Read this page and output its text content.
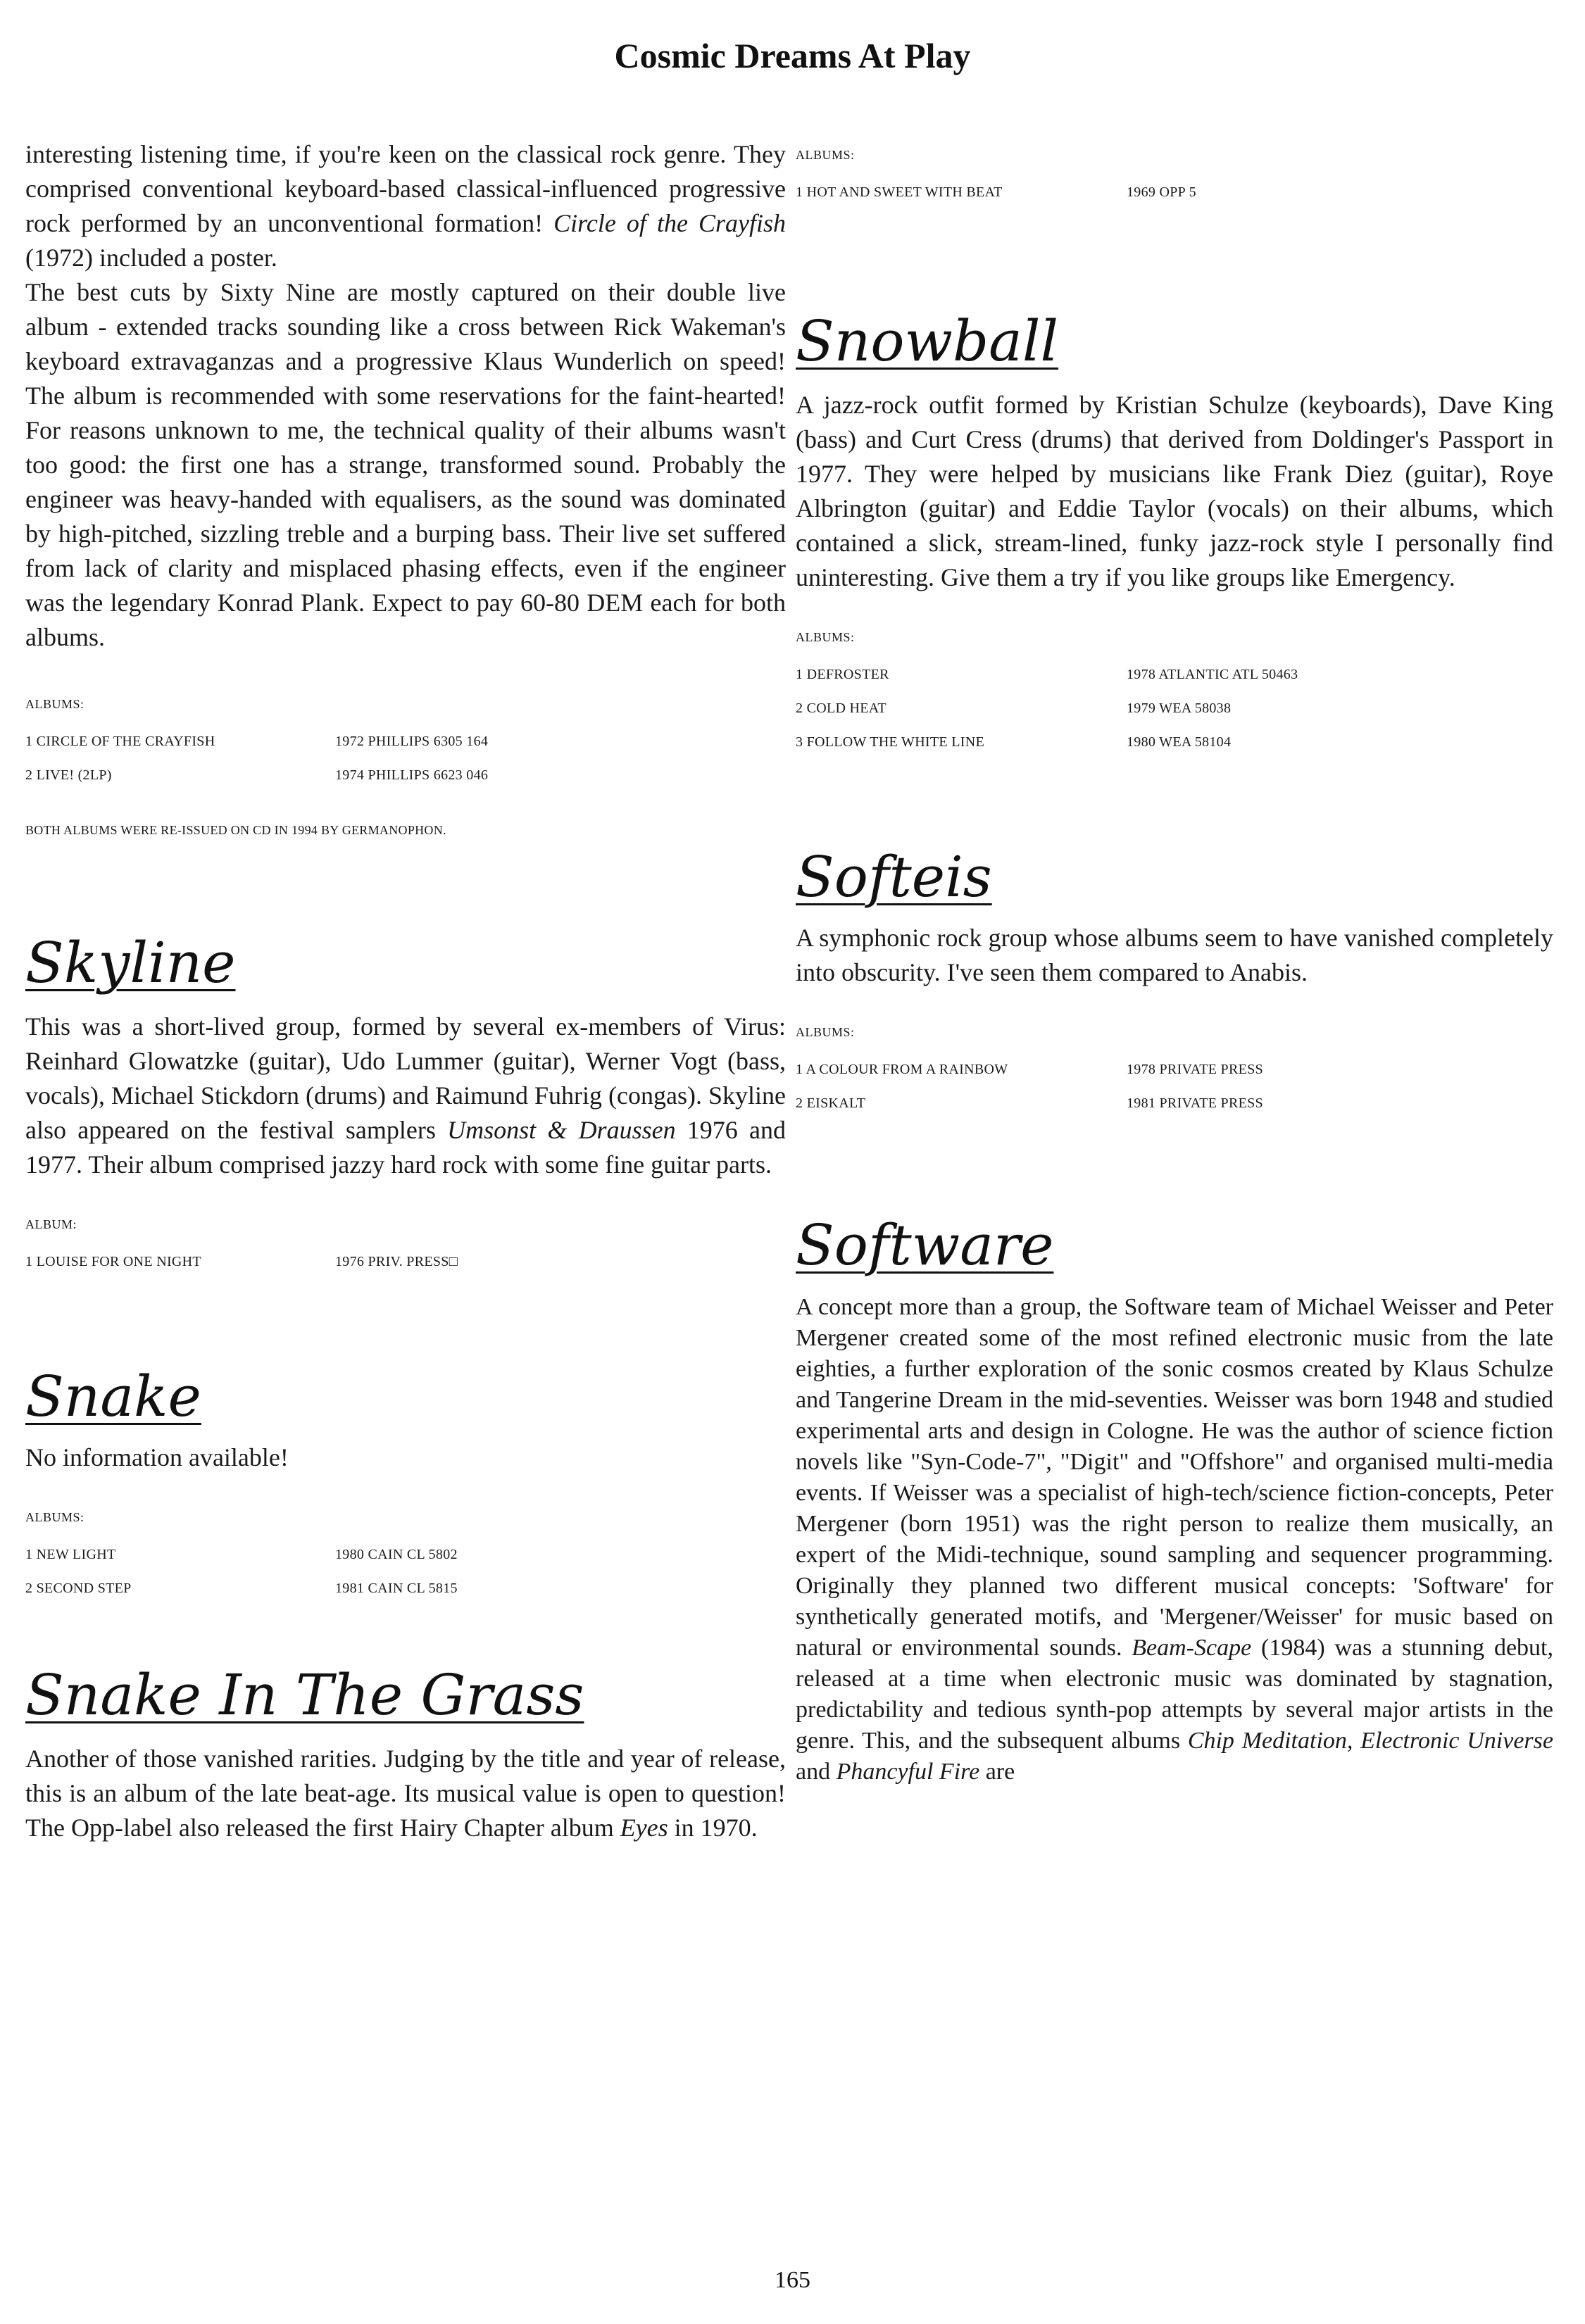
Cosmic Dreams At Play

interesting listening time, if you're keen on the classical rock genre. They comprised conventional keyboard-based classical-influenced progressive rock performed by an unconventional formation! Circle of the Crayfish (1972) included a poster.

The best cuts by Sixty Nine are mostly captured on their double live album - extended tracks sounding like a cross between Rick Wakeman's keyboard extravaganzas and a progressive Klaus Wunderlich on speed! The album is recommended with some reservations for the faint-hearted! For reasons unknown to me, the technical quality of their albums wasn't too good: the first one has a strange, transformed sound. Probably the engineer was heavy-handed with equalisers, as the sound was dominated by high-pitched, sizzling treble and a burping bass. Their live set suffered from lack of clarity and misplaced phasing effects, even if the engineer was the legendary Konrad Plank. Expect to pay 60-80 DEM each for both albums.

ALBUMS:
1 CIRCLE OF THE CRAYFISH	1972 PHILLIPS 6305 164
2 LIVE! (2LP)	1974 PHILLIPS 6623 046
BOTH ALBUMS WERE RE-ISSUED ON CD IN 1994 BY GERMANOPHON.
Skyline

This was a short-lived group, formed by several ex-members of Virus: Reinhard Glowatzke (guitar), Udo Lummer (guitar), Werner Vogt (bass, vocals), Michael Stickdorn (drums) and Raimund Fuhrig (congas). Skyline also appeared on the festival samplers Umsonst & Draussen 1976 and 1977. Their album comprised jazzy hard rock with some fine guitar parts.

ALBUM:
1 LOUISE FOR ONE NIGHT	1976 PRIV. PRESS□
Snake

No information available!

ALBUMS:
1 NEW LIGHT	1980 CAIN CL 5802
2 SECOND STEP	1981 CAIN CL 5815
Snake In The Grass

Another of those vanished rarities. Judging by the title and year of release, this is an album of the late beat-age. Its musical value is open to question! The Opp-label also released the first Hairy Chapter album Eyes in 1970.

ALBUMS:
1 HOT AND SWEET WITH BEAT	1969 OPP 5
Snowball

A jazz-rock outfit formed by Kristian Schulze (keyboards), Dave King (bass) and Curt Cress (drums) that derived from Doldinger's Passport in 1977. They were helped by musicians like Frank Diez (guitar), Roye Albrington (guitar) and Eddie Taylor (vocals) on their albums, which contained a slick, stream-lined, funky jazz-rock style I personally find uninteresting. Give them a try if you like groups like Emergency.

ALBUMS:
1 DEFROSTER	1978 ATLANTIC ATL 50463
2 COLD HEAT	1979 WEA 58038
3 FOLLOW THE WHITE LINE	1980 WEA 58104
Softeis

A symphonic rock group whose albums seem to have vanished completely into obscurity. I've seen them compared to Anabis.

ALBUMS:
1 A COLOUR FROM A RAINBOW	1978 PRIVATE PRESS
2 EISKALT	1981 PRIVATE PRESS
Software

A concept more than a group, the Software team of Michael Weisser and Peter Mergener created some of the most refined electronic music from the late eighties, a further exploration of the sonic cosmos created by Klaus Schulze and Tangerine Dream in the mid-seventies. Weisser was born 1948 and studied experimental arts and design in Cologne. He was the author of science fiction novels like "Syn-Code-7", "Digit" and "Offshore" and organised multi-media events. If Weisser was a specialist of high-tech/science fiction-concepts, Peter Mergener (born 1951) was the right person to realize them musically, an expert of the Midi-technique, sound sampling and sequencer programming. Originally they planned two different musical concepts: 'Software' for synthetically generated motifs, and 'Mergener/Weisser' for music based on natural or environmental sounds. Beam-Scape (1984) was a stunning debut, released at a time when electronic music was dominated by stagnation, predictability and tedious synth-pop attempts by several major artists in the genre. This, and the subsequent albums Chip Meditation, Electronic Universe and Phancyful Fire are

165
